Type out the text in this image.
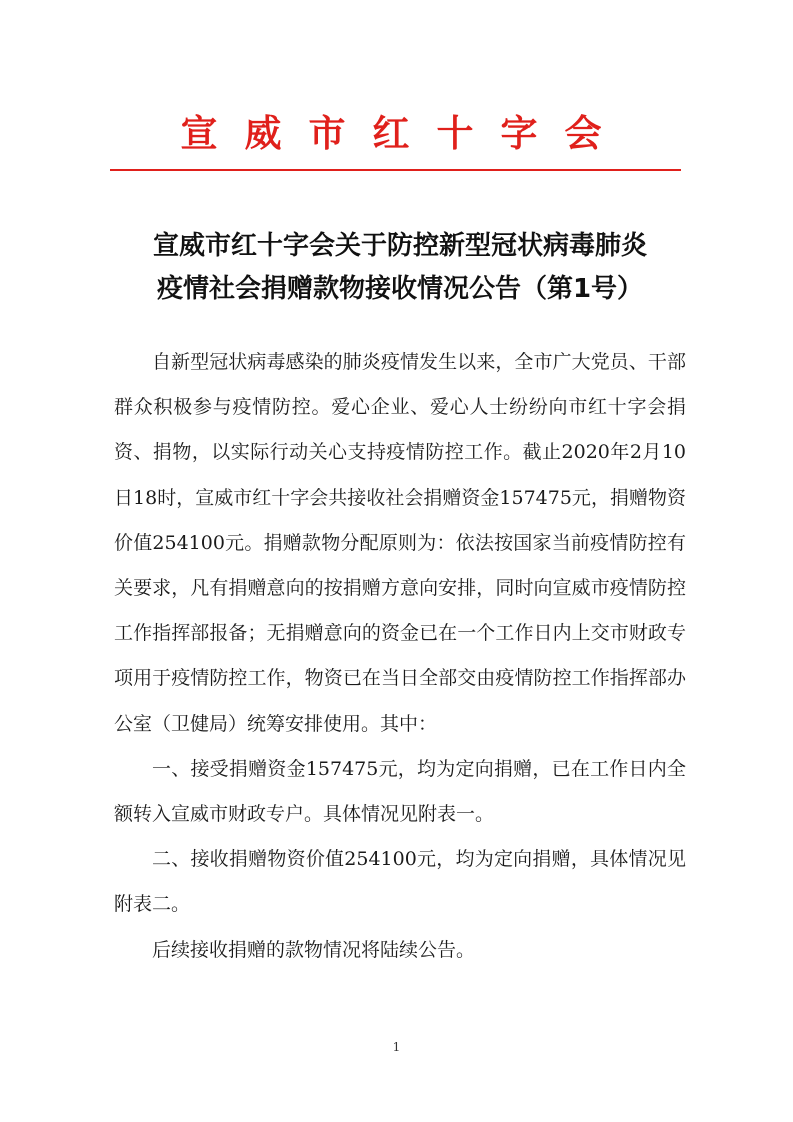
宣威市红十字会
宣威市红十字会关于防控新型冠状病毒肺炎
疫情社会捐赠款物接收情况公告（第1号）

自新型冠状病毒感染的肺炎疫情发生以来，全市广大党员、干部群众积极参与疫情防控。爱心企业、爱心人士纷纷向市红十字会捐资、捐物，以实际行动关心支持疫情防控工作。截止2020年2月10日18时，宣威市红十字会共接收社会捐赠资金157475元，捐赠物资价值254100元。捐赠款物分配原则为：依法按国家当前疫情防控有关要求，凡有捐赠意向的按捐赠方意向安排，同时向宣威市疫情防控工作指挥部报备；无捐赠意向的资金已在一个工作日内上交市财政专项用于疫情防控工作，物资已在当日全部交由疫情防控工作指挥部办公室（卫健局）统筹安排使用。其中：

一、接受捐赠资金157475元，均为定向捐赠，已在工作日内全额转入宣威市财政专户。具体情况见附表一。

二、接收捐赠物资价值254100元，均为定向捐赠，具体情况见附表二。

后续接收捐赠的款物情况将陆续公告。

1
